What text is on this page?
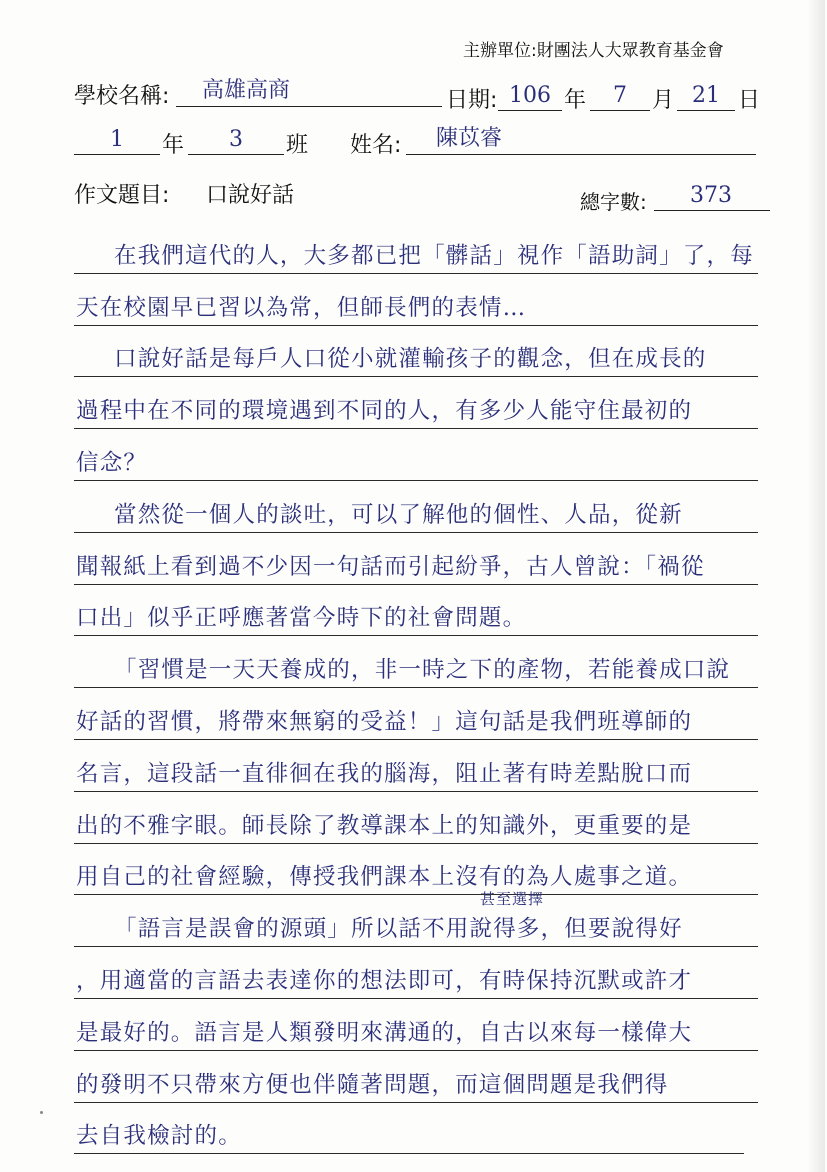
主辦單位:財團法人大眾教育基金會
學校名稱: 高雄高商	日期: 106 年	7	月 21 日
1	年	3	班 姓名: 陳苡睿
作文題目: 口說好話	總字數: 373
在我們這代的人，大多都已把「髒話」視作「語助詞」了，每
天在校園早已習以為常，但師長們的表情…
口說好話是每戶人口從小就灌輸孩子的觀念，但在成長的
過程中在不同的環境遇到不同的人，有多少人能守住最初的
信念？
當然從一個人的談吐，可以了解他的個性、人品，從新
聞報紙上看到過不少因一句話而引起紛爭，古人曾說：「禍從
口出」似乎正呼應著當今時下的社會問題。
「習慣是一天天養成的，非一時之下的產物，若能養成口說
好話的習慣，將帶來無窮的受益！」這句話是我們班導師的
名言，這段話一直徘徊在我的腦海，阻止著有時差點脫口而
出的不雅字眼。師長除了教導課本上的知識外，更重要的是
用自己的社會經驗，傳授我們課本上沒有的為人處事之道。
「語言是誤會的源頭」所以話不用說得多，但要說得好
，用適當的言語去表達你的想法即可，有時保持沉默或許才
是最好的。語言是人類發明來溝通的，自古以來每一樣偉大
的發明不只帶來方便也伴隨著問題，而這個問題是我們得
去自我檢討的。
甚至選擇
